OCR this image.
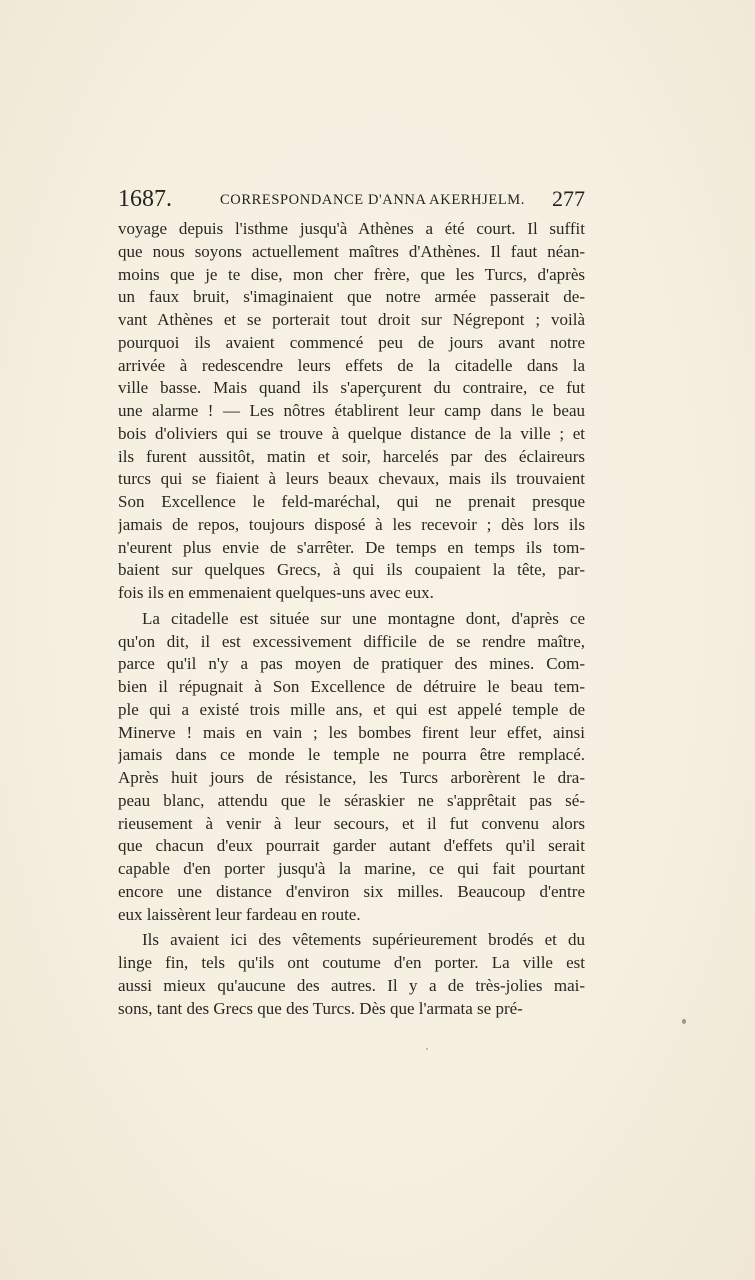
1687.	CORRESPONDANCE D'ANNA AKERHJELM. 277
voyage depuis l'isthme jusqu'à Athènes a été court. Il suffit
que nous soyons actuellement maîtres d'Athènes. Il faut néan-
moins que je te dise, mon cher frère, que les Turcs, d'après
un faux bruit, s'imaginaient que notre armée passerait de-
vant Athènes et se porterait tout droit sur Négrepont ; voilà
pourquoi ils avaient commencé peu de jours avant notre
arrivée à redescendre leurs effets de la citadelle dans la
ville basse. Mais quand ils s'aperçurent du contraire, ce fut
une alarme ! — Les nôtres établirent leur camp dans le beau
bois d'oliviers qui se trouve à quelque distance de la ville ; et
ils furent aussitôt, matin et soir, harcelés par des éclaireurs
turcs qui se fiaient à leurs beaux chevaux, mais ils trouvaient
Son Excellence le feld-maréchal, qui ne prenait presque
jamais de repos, toujours disposé à les recevoir ; dès lors ils
n'eurent plus envie de s'arrêter. De temps en temps ils tom-
baient sur quelques Grecs, à qui ils coupaient la tête, par-
fois ils en emmenaient quelques-uns avec eux.
La citadelle est située sur une montagne dont, d'après ce
qu'on dit, il est excessivement difficile de se rendre maître,
parce qu'il n'y a pas moyen de pratiquer des mines. Com-
bien il répugnait à Son Excellence de détruire le beau tem-
ple qui a existé trois mille ans, et qui est appelé temple de
Minerve ! mais en vain ; les bombes firent leur effet, ainsi
jamais dans ce monde le temple ne pourra être remplacé.
Après huit jours de résistance, les Turcs arborèrent le dra-
peau blanc, attendu que le séraskier ne s'apprêtait pas sé-
rieusement à venir à leur secours, et il fut convenu alors
que chacun d'eux pourrait garder autant d'effets qu'il serait
capable d'en porter jusqu'à la marine, ce qui fait pourtant
encore une distance d'environ six milles. Beaucoup d'entre
eux laissèrent leur fardeau en route.
Ils avaient ici des vêtements supérieurement brodés et du
linge fin, tels qu'ils ont coutume d'en porter. La ville est
aussi mieux qu'aucune des autres. Il y a de très-jolies mai-
sons, tant des Grecs que des Turcs. Dès que l'armata se pré-
